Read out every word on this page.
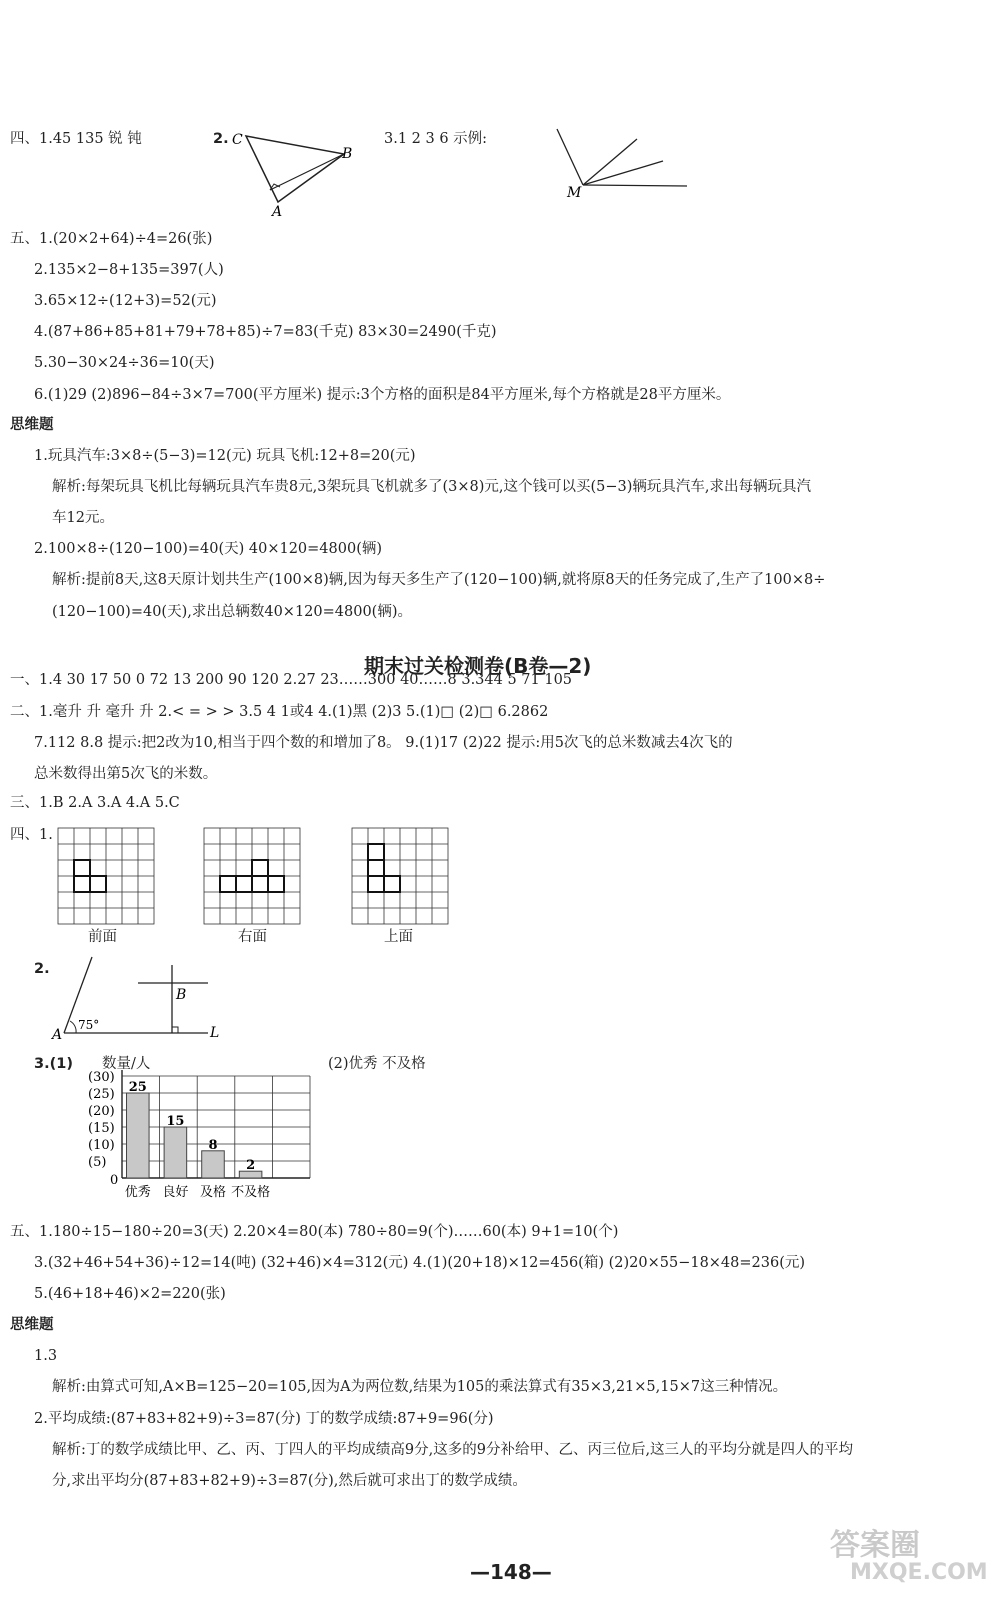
四、1.45 135 锐 钝	2. C
B
A
3.1 2 3 6 示例:
M
五、1.(20×2+64)÷4=26(张)
2.135×2−8+135=397(人)
3.65×12÷(12+3)=52(元)
4.(87+86+85+81+79+78+85)÷7=83(千克) 83×30=2490(千克)
5.30−30×24÷36=10(天)
6.(1)29 (2)896−84÷3×7=700(平方厘米) 提示:3个方格的面积是84平方厘米,每个方格就是28平方厘米。
思维题
1.玩具汽车:3×8÷(5−3)=12(元) 玩具飞机:12+8=20(元)
解析:每架玩具飞机比每辆玩具汽车贵8元,3架玩具飞机就多了(3×8)元,这个钱可以买(5−3)辆玩具汽车,求出每辆玩具汽
车12元。
2.100×8÷(120−100)=40(天) 40×120=4800(辆)
解析:提前8天,这8天原计划共生产(100×8)辆,因为每天多生产了(120−100)辆,就将原8天的任务完成了,生产了100×8÷
(120−100)=40(天),求出总辆数40×120=4800(辆)。
期末过关检测卷(B卷—2)
一、1.4 30 17 50 0 72 13 200 90 120 2.27 23……300 40……8 3.344 5 71 105
二、1.毫升 升 毫升 升 2.< = > > 3.5 4 1或4 4.(1)黑 (2)3 5.(1)□ (2)□ 6.2862
7.112 8.8 提示:把2改为10,相当于四个数的和增加了8。 9.(1)17 (2)22 提示:用5次飞的总米数减去4次飞的
总米数得出第5次飞的米数。
三、1.B 2.A 3.A 4.A 5.C
四、1.
前面	右面	上面
2.
A
75°
B
L
3.(1) 数量/人	(2)优秀 不及格
(30)
(25)
(20)
(15)
(10)
(5)
0
25
优秀
15
良好
8
及格
2
不及格
五、1.180÷15−180÷20=3(天) 2.20×4=80(本) 780÷80=9(个)……60(本) 9+1=10(个)
3.(32+46+54+36)÷12=14(吨) (32+46)×4=312(元) 4.(1)(20+18)×12=456(箱) (2)20×55−18×48=236(元)
5.(46+18+46)×2=220(张)
思维题
1.3
解析:由算式可知,A×B=125−20=105,因为A为两位数,结果为105的乘法算式有35×3,21×5,15×7这三种情况。
2.平均成绩:(87+83+82+9)÷3=87(分) 丁的数学成绩:87+9=96(分)
解析:丁的数学成绩比甲、乙、丙、丁四人的平均成绩高9分,这多的9分补给甲、乙、丙三位后,这三人的平均分就是四人的平均
分,求出平均分(87+83+82+9)÷3=87(分),然后就可求出丁的数学成绩。
—148—
答案圈
MXQE.COM
